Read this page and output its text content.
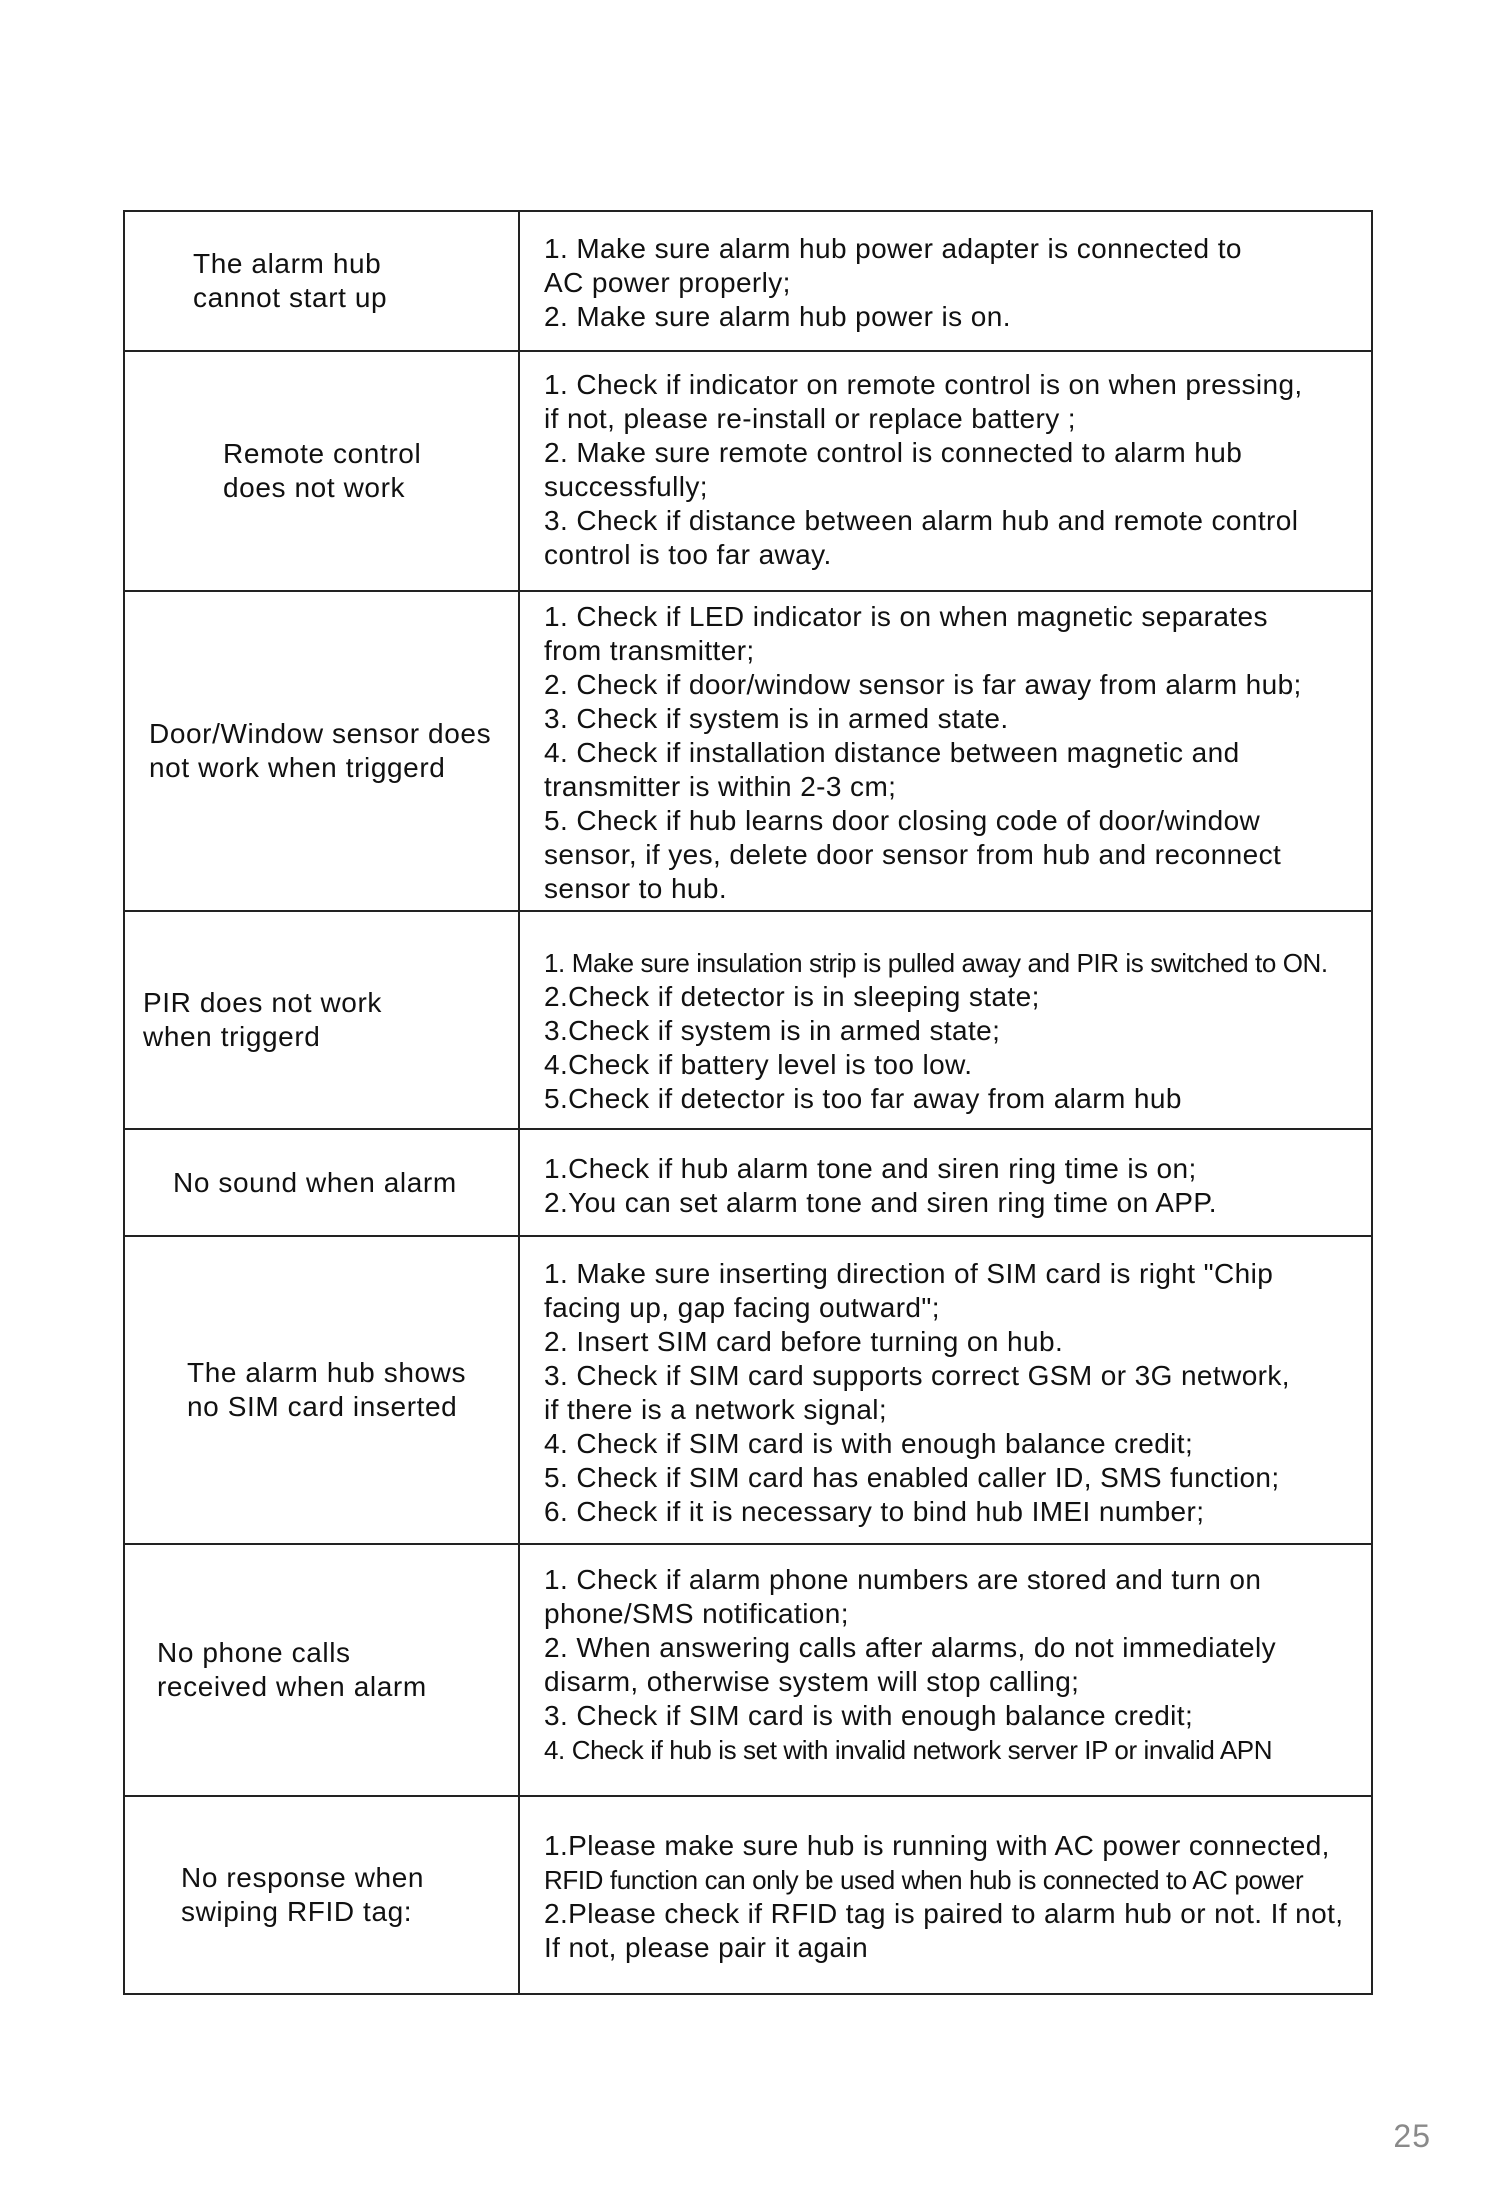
The alarm hub
cannot start up
1. Make sure alarm hub power adapter is connected to
AC power properly;
2. Make sure alarm hub power is on.
Remote control
does not work
1. Check if indicator on remote control is on when pressing,
if not, please re-install or replace battery ;
2. Make sure remote control is connected to alarm hub
successfully;
3. Check if distance between alarm hub and remote control
control is too far away.
Door/Window sensor does
not work when triggerd
1. Check if LED indicator is on when magnetic separates
from transmitter;
2. Check if door/window sensor is far away from alarm hub;
3. Check if system is in armed state.
4. Check if installation distance between magnetic and
transmitter is within 2-3 cm;
5. Check if hub learns door closing code of door/window
sensor, if yes, delete door sensor from hub and reconnect
sensor to hub.
PIR does not work
when triggerd
1. Make sure insulation strip is pulled away and PIR is switched to ON.
2.Check if detector is in sleeping state;
3.Check if system is in armed state;
4.Check if battery level is too low.
5.Check if detector is too far away from alarm hub
No sound when alarm	1.Check if hub alarm tone and siren ring time is on;
2.You can set alarm tone and siren ring time on APP.
The alarm hub shows
no SIM card inserted
1. Make sure inserting direction of SIM card is right "Chip
facing up, gap facing outward";
2. Insert SIM card before turning on hub.
3. Check if SIM card supports correct GSM or 3G network,
if there is a network signal;
4. Check if SIM card is with enough balance credit;
5. Check if SIM card has enabled caller ID, SMS function;
6. Check if it is necessary to bind hub IMEI number;
No phone calls
received when alarm
1. Check if alarm phone numbers are stored and turn on
phone/SMS notification;
2. When answering calls after alarms, do not immediately
disarm, otherwise system will stop calling;
3. Check if SIM card is with enough balance credit;
4. Check if hub is set with invalid network server IP or invalid APN
No response when
swiping RFID tag:
1.Please make sure hub is running with AC power connected,
RFID function can only be used when hub is connected to AC power
2.Please check if RFID tag is paired to alarm hub or not. If not,
If not, please pair it again
25
